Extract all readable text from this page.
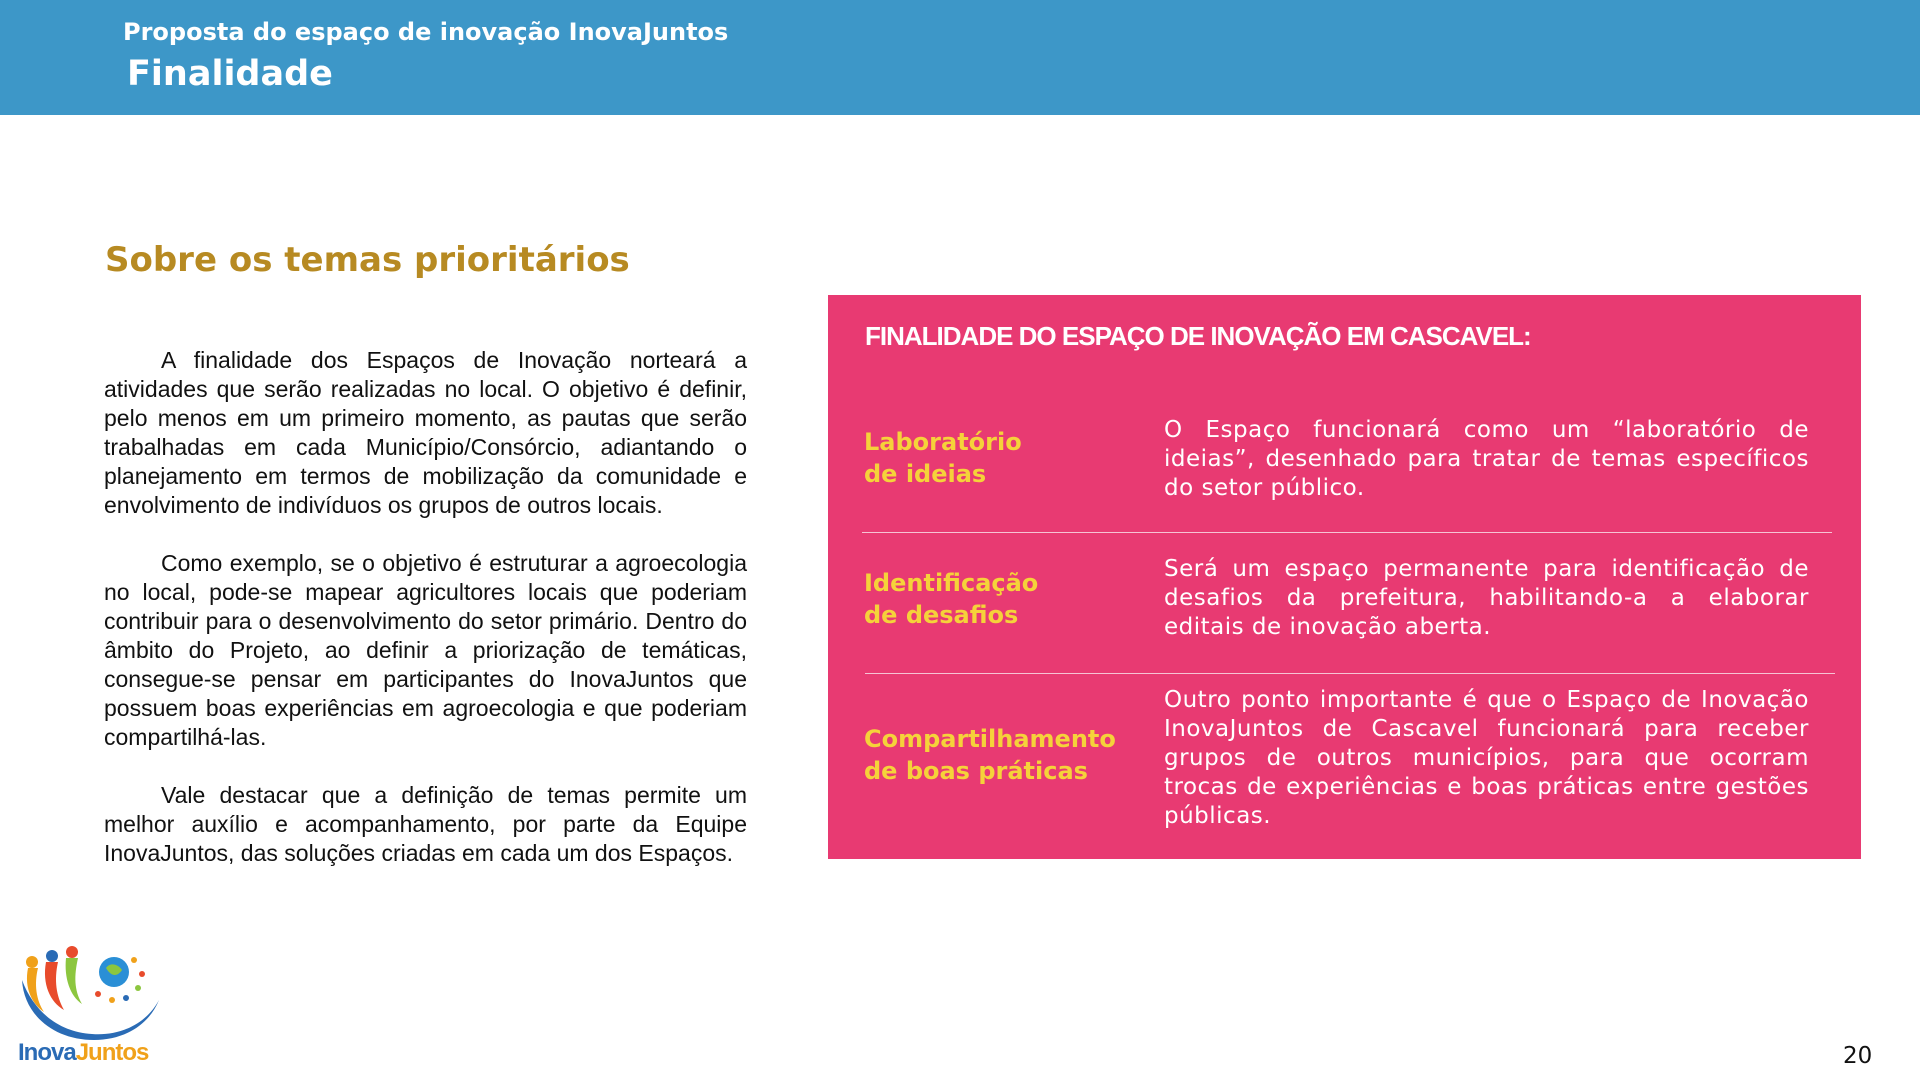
Proposta do espaço de inovação InovaJuntos
Finalidade
Sobre os temas prioritários

A finalidade dos Espaços de Inovação norteará a atividades que serão realizadas no local. O objetivo é definir, pelo menos em um primeiro momento, as pautas que serão trabalhadas em cada Município/Consórcio, adiantando o planejamento em termos de mobilização da comunidade e envolvimento de indivíduos os grupos de outros locais.

Como exemplo, se o objetivo é estruturar a agroecologia no local, pode-se mapear agricultores locais que poderiam contribuir para o desenvolvimento do setor primário. Dentro do âmbito do Projeto, ao definir a priorização de temáticas, consegue-se pensar em participantes do InovaJuntos que possuem boas experiências em agroecologia e que poderiam compartilhá-las.

Vale destacar que a definição de temas permite um melhor auxílio e acompanhamento, por parte da Equipe InovaJuntos, das soluções criadas em cada um dos Espaços.

FINALIDADE DO ESPAÇO DE INOVAÇÃO EM CASCAVEL:
Laboratório
de ideias
O Espaço funcionará como um “laboratório de ideias”, desenhado para tratar de temas específicos do setor público.
Identificação
de desafios
Será um espaço permanente para identificação de desafios da prefeitura, habilitando-a a elaborar editais de inovação aberta.
Compartilhamento
de boas práticas
Outro ponto importante é que o Espaço de Inovação InovaJuntos de Cascavel funcionará para receber grupos de outros municípios, para que ocorram trocas de experiências e boas práticas entre gestões públicas.
InovaJuntos	20
